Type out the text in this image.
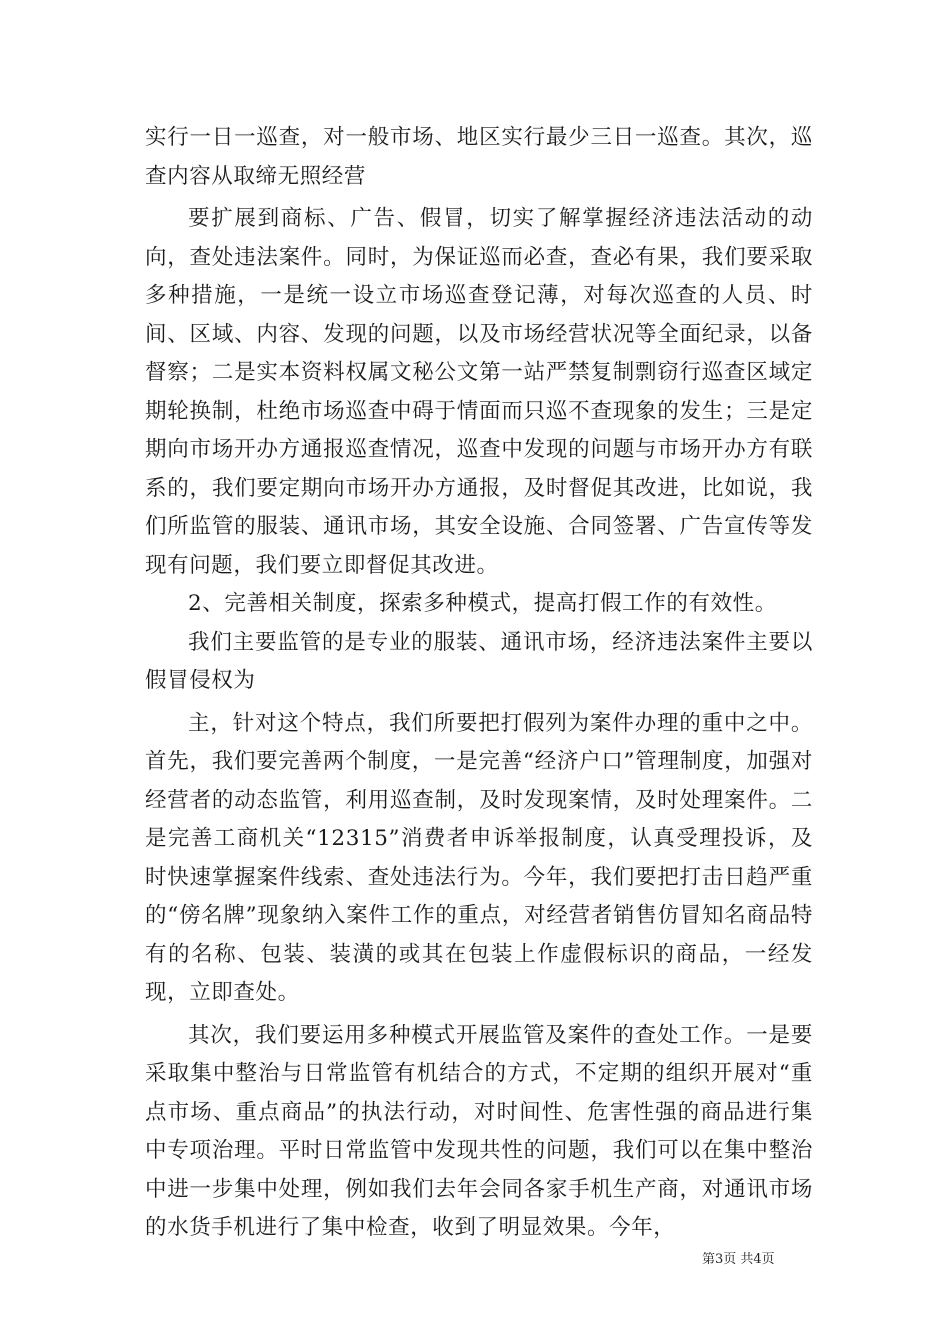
实行一日一巡查，对一般市场、地区实行最少三日一巡查。其次，巡查内容从取缔无照经营

要扩展到商标、广告、假冒，切实了解掌握经济违法活动的动向，查处违法案件。同时，为保证巡而必查，查必有果，我们要采取多种措施，一是统一设立市场巡查登记薄，对每次巡查的人员、时间、区域、内容、发现的问题，以及市场经营状况等全面纪录，以备督察；二是实本资料权属文秘公文第一站严禁复制剽窃行巡查区域定期轮换制，杜绝市场巡查中碍于情面而只巡不查现象的发生；三是定期向市场开办方通报巡查情况，巡查中发现的问题与市场开办方有联系的，我们要定期向市场开办方通报，及时督促其改进，比如说，我们所监管的服装、通讯市场，其安全设施、合同签署、广告宣传等发现有问题，我们要立即督促其改进。

2、完善相关制度，探索多种模式，提高打假工作的有效性。

我们主要监管的是专业的服装、通讯市场，经济违法案件主要以假冒侵权为

主，针对这个特点，我们所要把打假列为案件办理的重中之中。首先，我们要完善两个制度，一是完善“经济户口”管理制度，加强对经营者的动态监管，利用巡查制，及时发现案情，及时处理案件。二是完善工商机关“12315”消费者申诉举报制度，认真受理投诉，及时快速掌握案件线索、查处违法行为。今年，我们要把打击日趋严重的“傍名牌”现象纳入案件工作的重点，对经营者销售仿冒知名商品特有的名称、包装、装潢的或其在包装上作虚假标识的商品，一经发现，立即查处。

其次，我们要运用多种模式开展监管及案件的查处工作。一是要采取集中整治与日常监管有机结合的方式，不定期的组织开展对“重点市场、重点商品”的执法行动，对时间性、危害性强的商品进行集中专项治理。平时日常监管中发现共性的问题，我们可以在集中整治中进一步集中处理，例如我们去年会同各家手机生产商，对通讯市场的水货手机进行了集中检查，收到了明显效果。今年，

第3页 共4页
